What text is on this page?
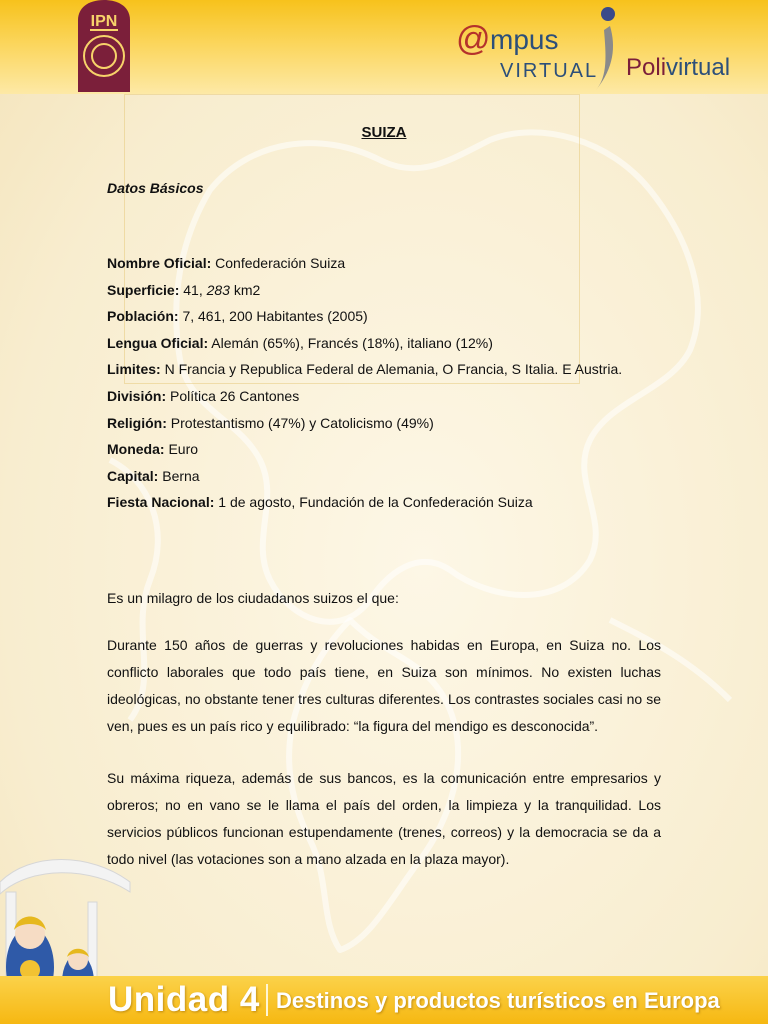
IPN	@ mpus
VIRTUAL Polivirtual
SUIZA
Datos Básicos
Nombre Oficial: Confederación Suiza
Superficie: 41, 283 km2
Población: 7, 461, 200 Habitantes (2005)
Lengua Oficial: Alemán (65%), Francés (18%), italiano (12%)
Limites: N Francia y Republica Federal de Alemania, O Francia, S Italia. E Austria.
División: Política 26 Cantones
Religión: Protestantismo (47%) y Catolicismo (49%)
Moneda: Euro
Capital: Berna
Fiesta Nacional: 1 de agosto, Fundación de la Confederación Suiza
Es un milagro de los ciudadanos suizos el que:
Durante 150 años de guerras y revoluciones habidas en Europa, en Suiza no. Los conflicto laborales que todo país tiene, en Suiza son mínimos. No existen luchas ideológicas, no obstante tener tres culturas diferentes. Los contrastes sociales casi no se ven, pues es un país rico y equilibrado: “la figura del mendigo es desconocida”.
Su máxima riqueza, además de sus bancos, es la comunicación entre empresarios y obreros; no en vano se le llama el país del orden, la limpieza y la tranquilidad. Los servicios públicos funcionan estupendamente (trenes, correos) y la democracia se da a todo nivel (las votaciones son a mano alzada en la plaza mayor).
Unidad 4 Destinos y productos turísticos en Europa
